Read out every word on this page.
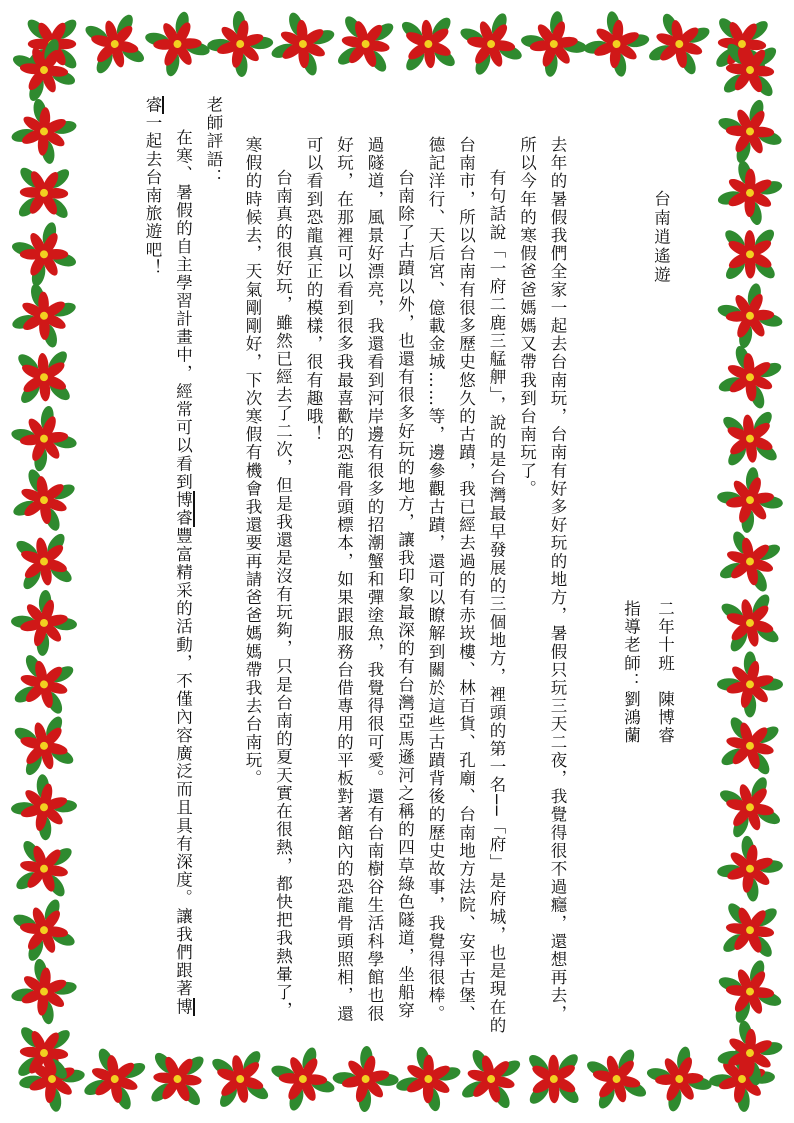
台南逍遙遊
二年十班陳博睿
指導老師：劉鴻蘭

去年的暑假我們全家一起去台南玩，台南有好多好玩的地方，暑假只玩三天二夜，我覺得很不過癮，還想再去，所以今年的寒假爸爸媽媽又帶我到台南玩了。

有句話說「一府二鹿三艋舺」，說的是台灣最早發展的三個地方，裡頭的第一名──「府」是府城，也是現在的台南市，所以台南有很多歷史悠久的古蹟，我已經去過的有赤崁樓、林百貨、孔廟、台南地方法院、安平古堡、德記洋行、天后宮、億載金城……等，邊參觀古蹟，還可以瞭解到關於這些古蹟背後的歷史故事，我覺得很棒。

台南除了古蹟以外，也還有很多好玩的地方，讓我印象最深的有台灣亞馬遜河之稱的四草綠色隧道，坐船穿過隧道，風景好漂亮，我還看到河岸邊有很多的招潮蟹和彈塗魚，我覺得很可愛。還有台南樹谷生活科學館也很好玩，在那裡可以看到很多我最喜歡的恐龍骨頭標本，如果跟服務台借專用的平板對著館內的恐龍骨頭照相，還可以看到恐龍真正的模樣，很有趣哦！

台南真的很好玩，雖然已經去了二次，但是我還是沒有玩夠，只是台南的夏天實在很熱，都快把我熱暈了，寒假的時候去，天氣剛剛好，下次寒假有機會我還要再請爸爸媽媽帶我去台南玩。

老師評語：

在寒、暑假的自主學習計畫中，經常可以看到博睿豐富精采的活動，不僅內容廣泛而且具有深度。讓我們跟著博睿一起去台南旅遊吧！
